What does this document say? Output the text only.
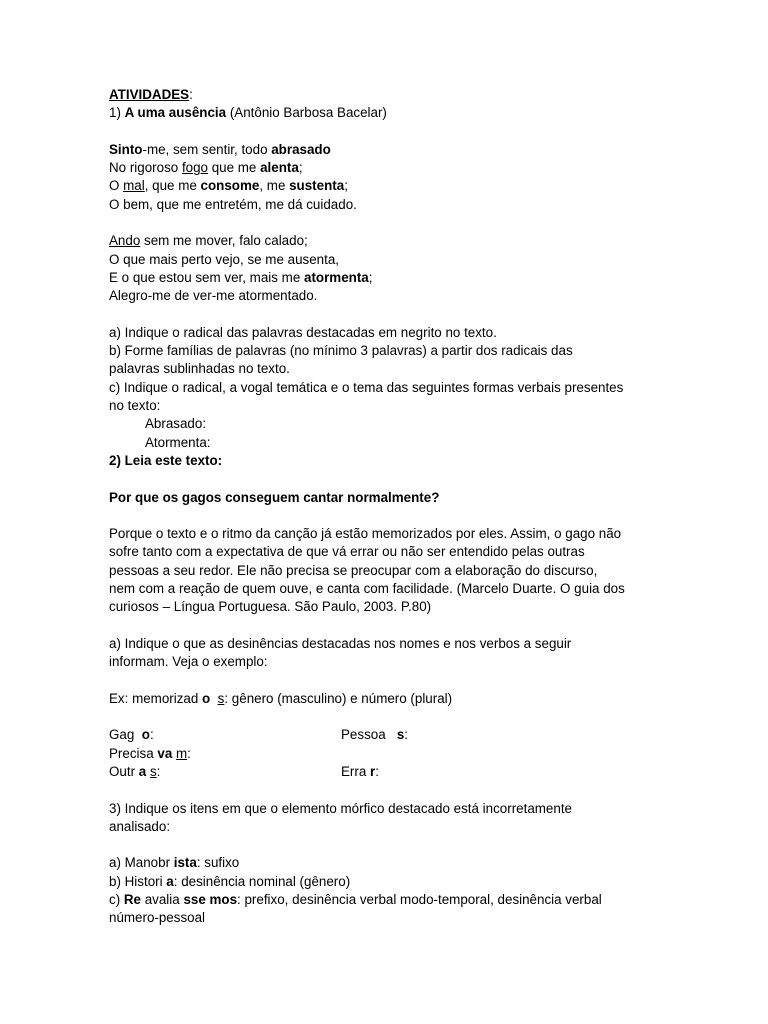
ATIVIDADES:

1) A uma ausência (Antônio Barbosa Bacelar)

Sinto-me, sem sentir, todo abrasado

No rigoroso fogo que me alenta;

O mal, que me consome, me sustenta;

O bem, que me entretém, me dá cuidado.

Ando sem me mover, falo calado;

O que mais perto vejo, se me ausenta,

E o que estou sem ver, mais me atormenta;

Alegro-me de ver-me atormentado.

a) Indique o radical das palavras destacadas em negrito no texto.

b) Forme famílias de palavras (no mínimo 3 palavras) a partir dos radicais das

palavras sublinhadas no texto.

c) Indique o radical, a vogal temática e o tema das seguintes formas verbais presentes

no texto:

Abrasado:

Atormenta:

2) Leia este texto:

Por que os gagos conseguem cantar normalmente?

Porque o texto e o ritmo da canção já estão memorizados por eles. Assim, o gago não

sofre tanto com a expectativa de que vá errar ou não ser entendido pelas outras

pessoas a seu redor. Ele não precisa se preocupar com a elaboração do discurso,

nem com a reação de quem ouve, e canta com facilidade. (Marcelo Duarte. O guia dos

curiosos – Língua Portuguesa. São Paulo, 2003. P.80)

a) Indique o que as desinências destacadas nos nomes e nos verbos a seguir

informam. Veja o exemplo:

Ex: memorizad o s: gênero (masculino) e número (plural)

Gag  o:	Pessoa   s:

Precisa va m:

Outr a s:	Erra r:

3) Indique os itens em que o elemento mórfico destacado está incorretamente

analisado:

a) Manobr ista: sufixo

b) Histori a: desinência nominal (gênero)

c) Re avalia sse mos: prefixo, desinência verbal modo-temporal, desinência verbal

número-pessoal
